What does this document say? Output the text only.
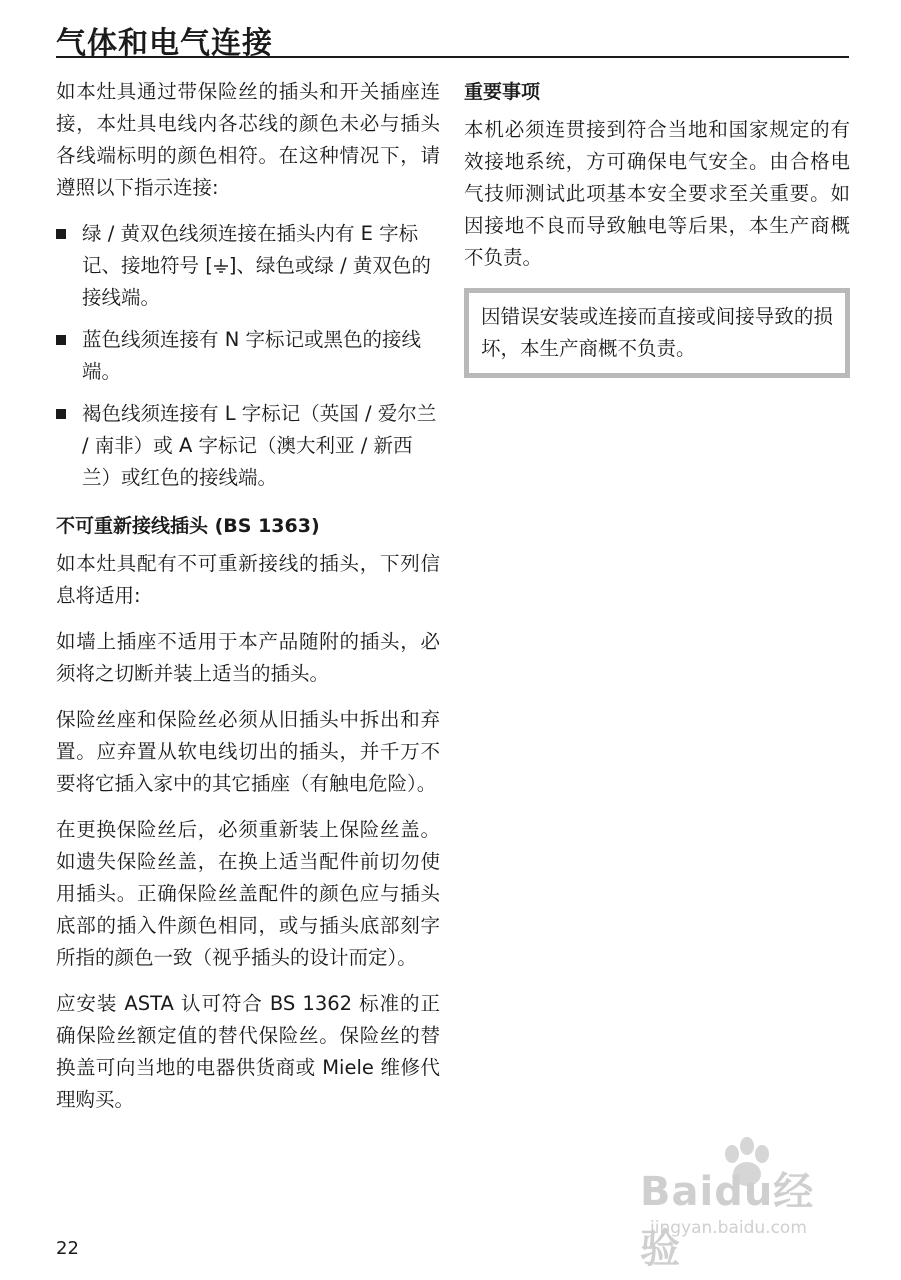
气体和电气连接

如本灶具通过带保险丝的插头和开关插座连接，本灶具电线内各芯线的颜色未必与插头各线端标明的颜色相符。在这种情况下，请遵照以下指示连接:

绿 / 黄双色线须连接在插头内有 E 字标记、接地符号 [ ]、绿色或绿 / 黄双色的接线端。
蓝色线须连接有 N 字标记或黑色的接线端。
褐色线须连接有 L 字标记（英国 / 爱尔兰 / 南非）或 A 字标记（澳大利亚 / 新西兰）或红色的接线端。
不可重新接线插头 (BS 1363)

如本灶具配有不可重新接线的插头，下列信息将适用:

如墙上插座不适用于本产品随附的插头，必须将之切断并装上适当的插头。

保险丝座和保险丝必须从旧插头中拆出和弃置。应弃置从软电线切出的插头，并千万不要将它插入家中的其它插座（有触电危险）。

在更换保险丝后，必须重新装上保险丝盖。如遗失保险丝盖，在换上适当配件前切勿使用插头。正确保险丝盖配件的颜色应与插头底部的插入件颜色相同，或与插头底部刻字所指的颜色一致（视乎插头的设计而定）。

应安装 ASTA 认可符合 BS 1362 标准的正确保险丝额定值的替代保险丝。保险丝的替换盖可向当地的电器供货商或 Miele 维修代理购买。

重要事项

本机必须连贯接到符合当地和国家规定的有效接地系统，方可确保电气安全。由合格电气技师测试此项基本安全要求至关重要。如因接地不良而导致触电等后果，本生产商概不负责。

因错误安装或连接而直接或间接导致的损坏，本生产商概不负责。

22
Baidu经验
jingyan.baidu.com
